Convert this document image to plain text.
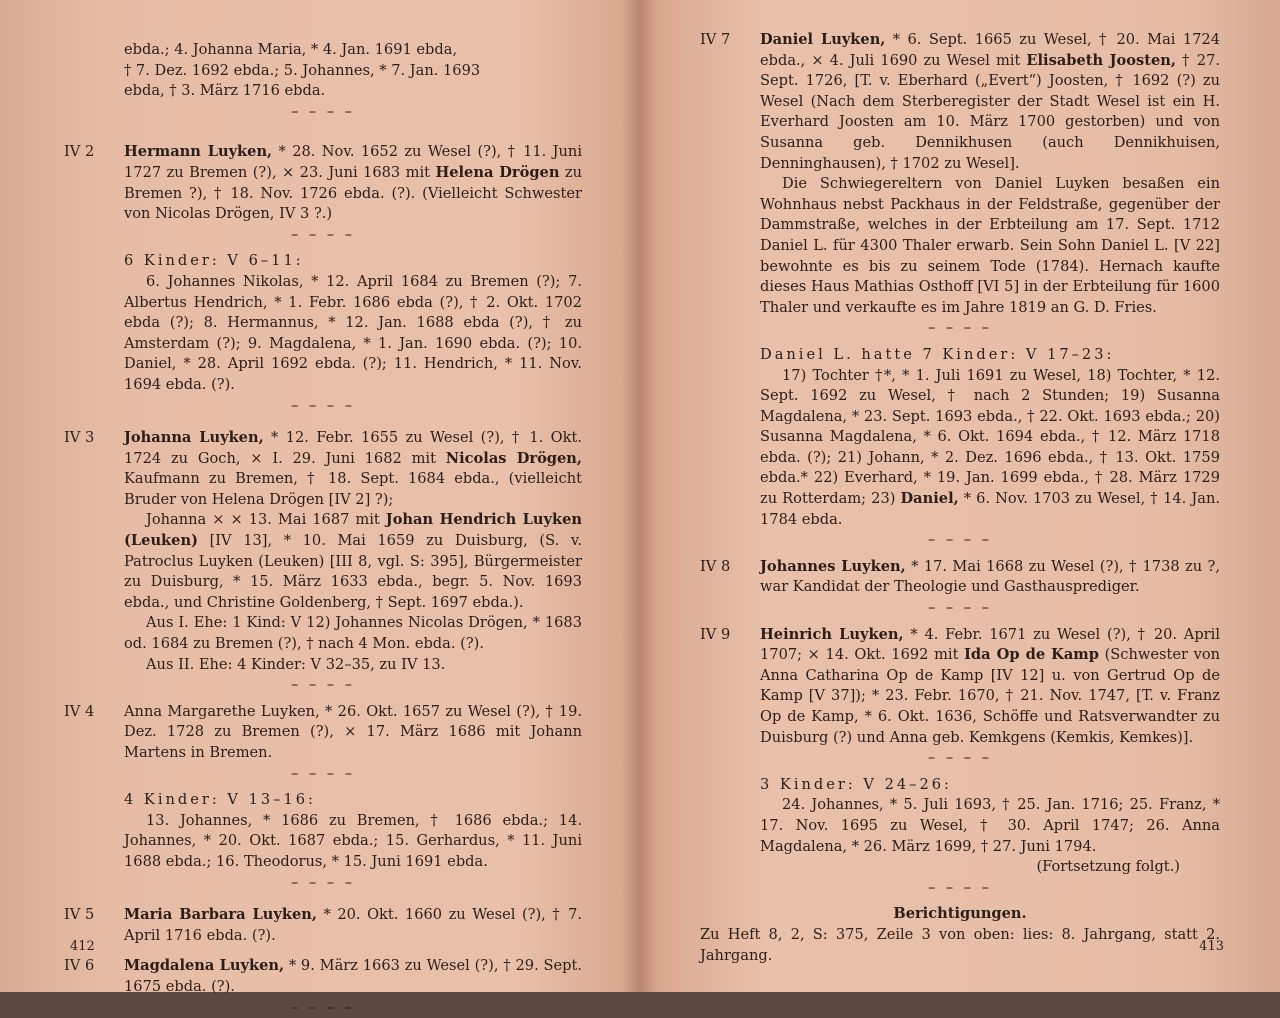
ebda.; 4. Johanna Maria, * 4. Jan. 1691 ebda,

† 7. Dez. 1692 ebda.; 5. Johannes, * 7. Jan. 1693

ebda, † 3. März 1716 ebda.

– – – –

IV 2	Hermann Luyken, * 28. Nov. 1652 zu Wesel (?), † 11. Juni 1727 zu Bremen (?), × 23. Juni 1683 mit Helena Drögen zu Bremen ?), † 18. Nov. 1726 ebda. (?). (Vielleicht Schwester von Nicolas Drögen, IV 3 ?.)

– – – –

6 Kinder: V 6–11:

6. Johannes Nikolas, * 12. April 1684 zu Bremen (?); 7. Albertus Hendrich, * 1. Febr. 1686 ebda (?), † 2. Okt. 1702 ebda (?); 8. Hermannus, * 12. Jan. 1688 ebda (?), † zu Amsterdam (?); 9. Magdalena, * 1. Jan. 1690 ebda. (?); 10. Daniel, * 28. April 1692 ebda. (?); 11. Hendrich, * 11. Nov. 1694 ebda. (?).

– – – –

IV 3	Johanna Luyken, * 12. Febr. 1655 zu Wesel (?), † 1. Okt. 1724 zu Goch, × I. 29. Juni 1682 mit Nicolas Drögen, Kaufmann zu Bremen, † 18. Sept. 1684 ebda., (vielleicht Bruder von Helena Drögen [IV 2] ?);

Johanna × × 13. Mai 1687 mit Johan Hendrich Luyken (Leuken) [IV 13], * 10. Mai 1659 zu Duisburg, (S. v. Patroclus Luyken (Leuken) [III 8, vgl. S: 395], Bürgermeister zu Duisburg, * 15. März 1633 ebda., begr. 5. Nov. 1693 ebda., und Christine Goldenberg, † Sept. 1697 ebda.).

Aus I. Ehe: 1 Kind: V 12) Johannes Nicolas Drögen, * 1683 od. 1684 zu Bremen (?), † nach 4 Mon. ebda. (?).

Aus II. Ehe: 4 Kinder: V 32–35, zu IV 13.

– – – –

IV 4	Anna Margarethe Luyken, * 26. Okt. 1657 zu Wesel (?), † 19. Dez. 1728 zu Bremen (?), × 17. März 1686 mit Johann Martens in Bremen.

– – – –

4 Kinder: V 13–16:

13. Johannes, * 1686 zu Bremen, † 1686 ebda.; 14. Johannes, * 20. Okt. 1687 ebda.; 15. Gerhardus, * 11. Juni 1688 ebda.; 16. Theodorus, * 15. Juni 1691 ebda.

– – – –

IV 5	Maria Barbara Luyken, * 20. Okt. 1660 zu Wesel (?), † 7. April 1716 ebda. (?).

IV 6	Magdalena Luyken, * 9. März 1663 zu Wesel (?), † 29. Sept. 1675 ebda. (?).

– – – –

412
IV 7	Daniel Luyken, * 6. Sept. 1665 zu Wesel, † 20. Mai 1724 ebda., × 4. Juli 1690 zu Wesel mit Elisabeth Joosten, † 27. Sept. 1726, [T. v. Eberhard („Evert“) Joosten, † 1692 (?) zu Wesel (Nach dem Sterberegister der Stadt Wesel ist ein H. Everhard Joosten am 10. März 1700 gestorben) und von Susanna geb. Dennikhusen (auch Dennikhuisen, Denninghausen), † 1702 zu Wesel].

Die Schwiegereltern von Daniel Luyken besaßen ein Wohnhaus nebst Packhaus in der Feldstraße, gegenüber der Dammstraße, welches in der Erbteilung am 17. Sept. 1712 Daniel L. für 4300 Thaler erwarb. Sein Sohn Daniel L. [V 22] bewohnte es bis zu seinem Tode (1784). Hernach kaufte dieses Haus Mathias Osthoff [VI 5] in der Erbteilung für 1600 Thaler und verkaufte es im Jahre 1819 an G. D. Fries.

– – – –

Daniel L. hatte 7 Kinder: V 17–23:

17) Tochter †*, * 1. Juli 1691 zu Wesel, 18) Tochter, * 12. Sept. 1692 zu Wesel, † nach 2 Stunden; 19) Susanna Magdalena, * 23. Sept. 1693 ebda., † 22. Okt. 1693 ebda.; 20) Susanna Magdalena, * 6. Okt. 1694 ebda., † 12. März 1718 ebda. (?); 21) Johann, * 2. Dez. 1696 ebda., † 13. Okt. 1759 ebda.* 22) Everhard, * 19. Jan. 1699 ebda., † 28. März 1729 zu Rotterdam; 23) Daniel, * 6. Nov. 1703 zu Wesel, † 14. Jan. 1784 ebda.

– – – –

IV 8	Johannes Luyken, * 17. Mai 1668 zu Wesel (?), † 1738 zu ?, war Kandidat der Theologie und Gasthausprediger.

– – – –

IV 9	Heinrich Luyken, * 4. Febr. 1671 zu Wesel (?), † 20. April 1707; × 14. Okt. 1692 mit Ida Op de Kamp (Schwester von Anna Catharina Op de Kamp [IV 12] u. von Gertrud Op de Kamp [V 37]); * 23. Febr. 1670, † 21. Nov. 1747, [T. v. Franz Op de Kamp, * 6. Okt. 1636, Schöffe und Ratsverwandter zu Duisburg (?) und Anna geb. Kemkgens (Kemkis, Kemkes)].

– – – –

3 Kinder: V 24–26:

24. Johannes, * 5. Juli 1693, † 25. Jan. 1716; 25. Franz, * 17. Nov. 1695 zu Wesel, † 30. April 1747; 26. Anna Magdalena, * 26. März 1699, † 27. Juni 1794.

(Fortsetzung folgt.)

– – – –

Berichtigungen.

Zu Heft 8, 2, S: 375, Zeile 3 von oben: lies: 8. Jahrgang, statt 2. Jahrgang.	413
